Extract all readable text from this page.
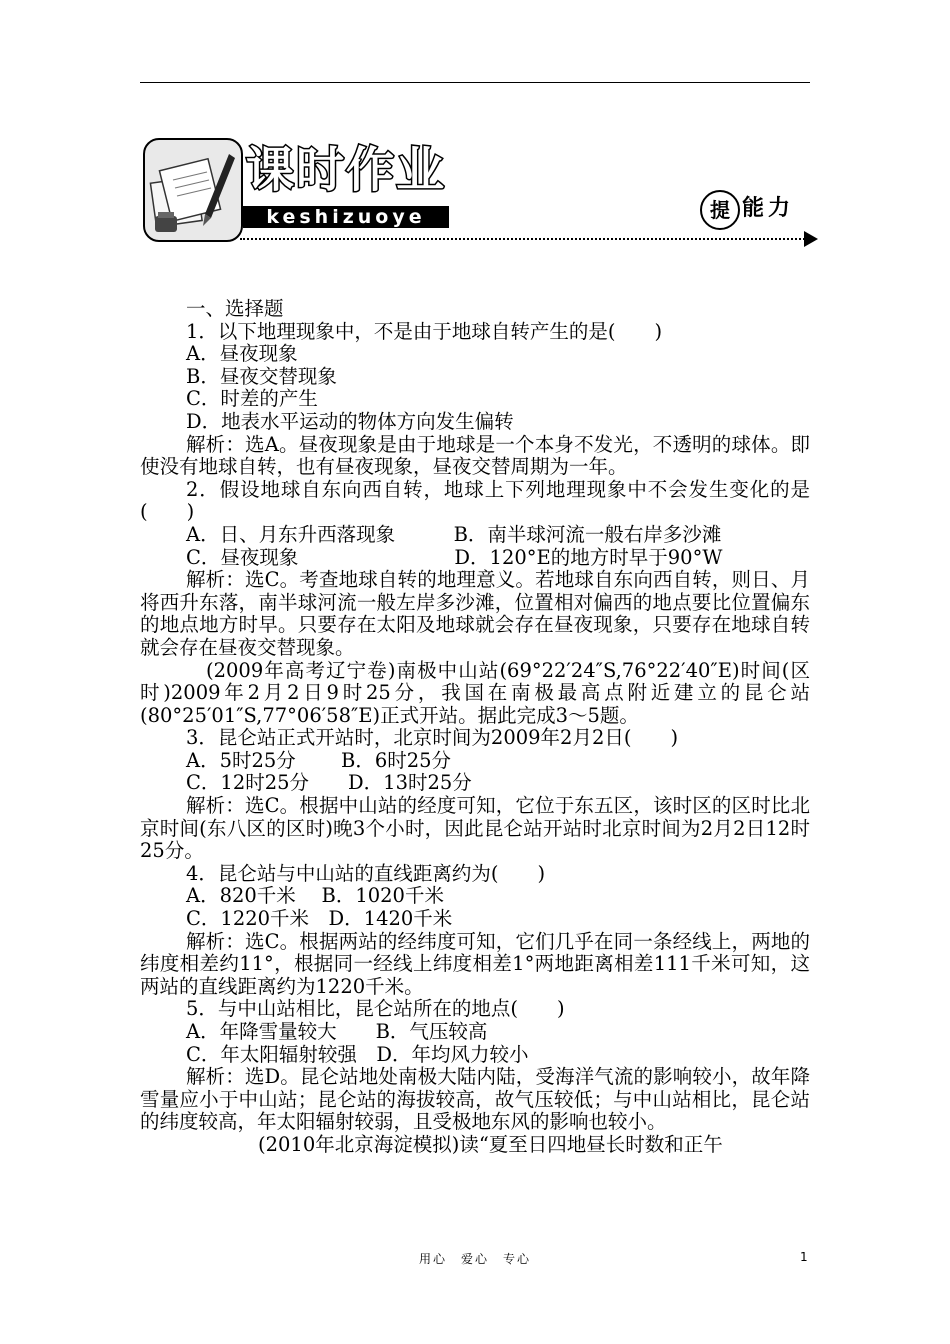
课时作业
keshizuoye	提 能力

一、选择题

1．以下地理现象中，不是由于地球自转产生的是(　　)

A．昼夜现象

B．昼夜交替现象

C．时差的产生

D．地表水平运动的物体方向发生偏转

解析：选A。昼夜现象是由于地球是一个本身不发光，不透明的球体。即使没有地球自转，也有昼夜现象，昼夜交替周期为一年。

2．假设地球自东向西自转，地球上下列地理现象中不会发生变化的是(　　)

A．日、月东升西落现象　　　B．南半球河流一般右岸多沙滩

C．昼夜现象　　　　　　　　D．120°E的地方时早于90°W

解析：选C。考查地球自转的地理意义。若地球自东向西自转，则日、月将西升东落，南半球河流一般左岸多沙滩，位置相对偏西的地点要比位置偏东的地点地方时早。只要存在太阳及地球就会存在昼夜现象，只要存在地球自转就会存在昼夜交替现象。

(2009年高考辽宁卷)南极中山站(69°22′24″S,76°22′40″E)时间(区时)2009年2月2日9时25分，我国在南极最高点附近建立的昆仑站(80°25′01″S,77°06′58″E)正式开站。据此完成3～5题。

3．昆仑站正式开站时，北京时间为2009年2月2日(　　)

A．5时25分　　 B．6时25分

C．12时25分　　D．13时25分

解析：选C。根据中山站的经度可知，它位于东五区，该时区的区时比北京时间(东八区的区时)晚3个小时，因此昆仑站开站时北京时间为2月2日12时25分。

4．昆仑站与中山站的直线距离约为(　　)

A．820千米　 B．1020千米

C．1220千米　D．1420千米

解析：选C。根据两站的经纬度可知，它们几乎在同一条经线上，两地的纬度相差约11°，根据同一经线上纬度相差1°两地距离相差111千米可知，这两站的直线距离约为1220千米。

5．与中山站相比，昆仑站所在的地点(　　)

A．年降雪量较大　　B．气压较高

C．年太阳辐射较强　D．年均风力较小

解析：选D。昆仑站地处南极大陆内陆，受海洋气流的影响较小，故年降雪量应小于中山站；昆仑站的海拔较高，故气压较低；与中山站相比，昆仑站的纬度较高，年太阳辐射较弱，且受极地东风的影响也较小。

(2010年北京海淀模拟)读“夏至日四地昼长时数和正午

用心　爱心　专心	1
